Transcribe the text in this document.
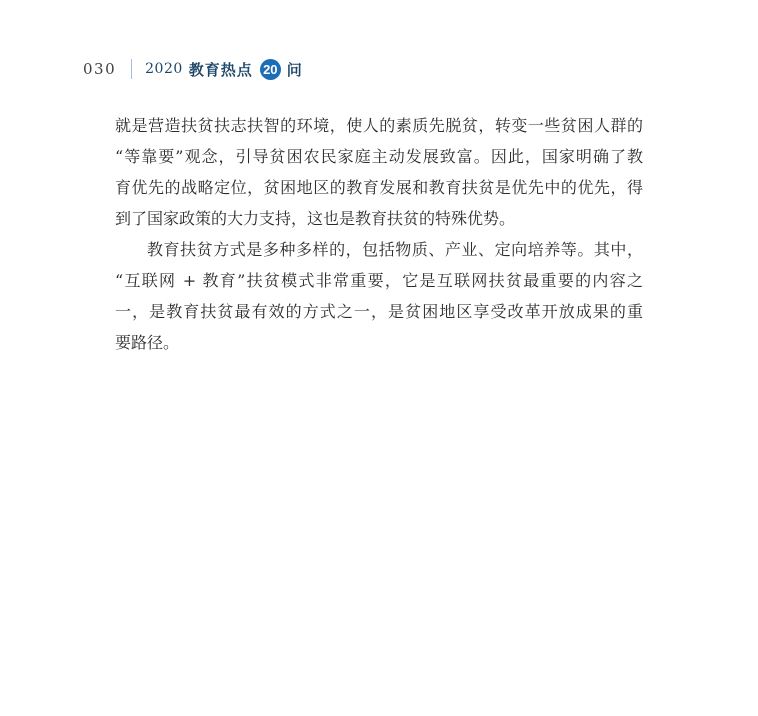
030 2020 教育热点 20 问
就是营造扶贫扶志扶智的环境，使人的素质先脱贫，转变一些贫困人群的
“等靠要”观念，引导贫困农民家庭主动发展致富。因此，国家明确了教
育优先的战略定位，贫困地区的教育发展和教育扶贫是优先中的优先，得
到了国家政策的大力支持，这也是教育扶贫的特殊优势。
教育扶贫方式是多种多样的，包括物质、产业、定向培养等。其中，
“互联网 + 教育”扶贫模式非常重要，它是互联网扶贫最重要的内容之
一，是教育扶贫最有效的方式之一，是贫困地区享受改革开放成果的重
要路径。
